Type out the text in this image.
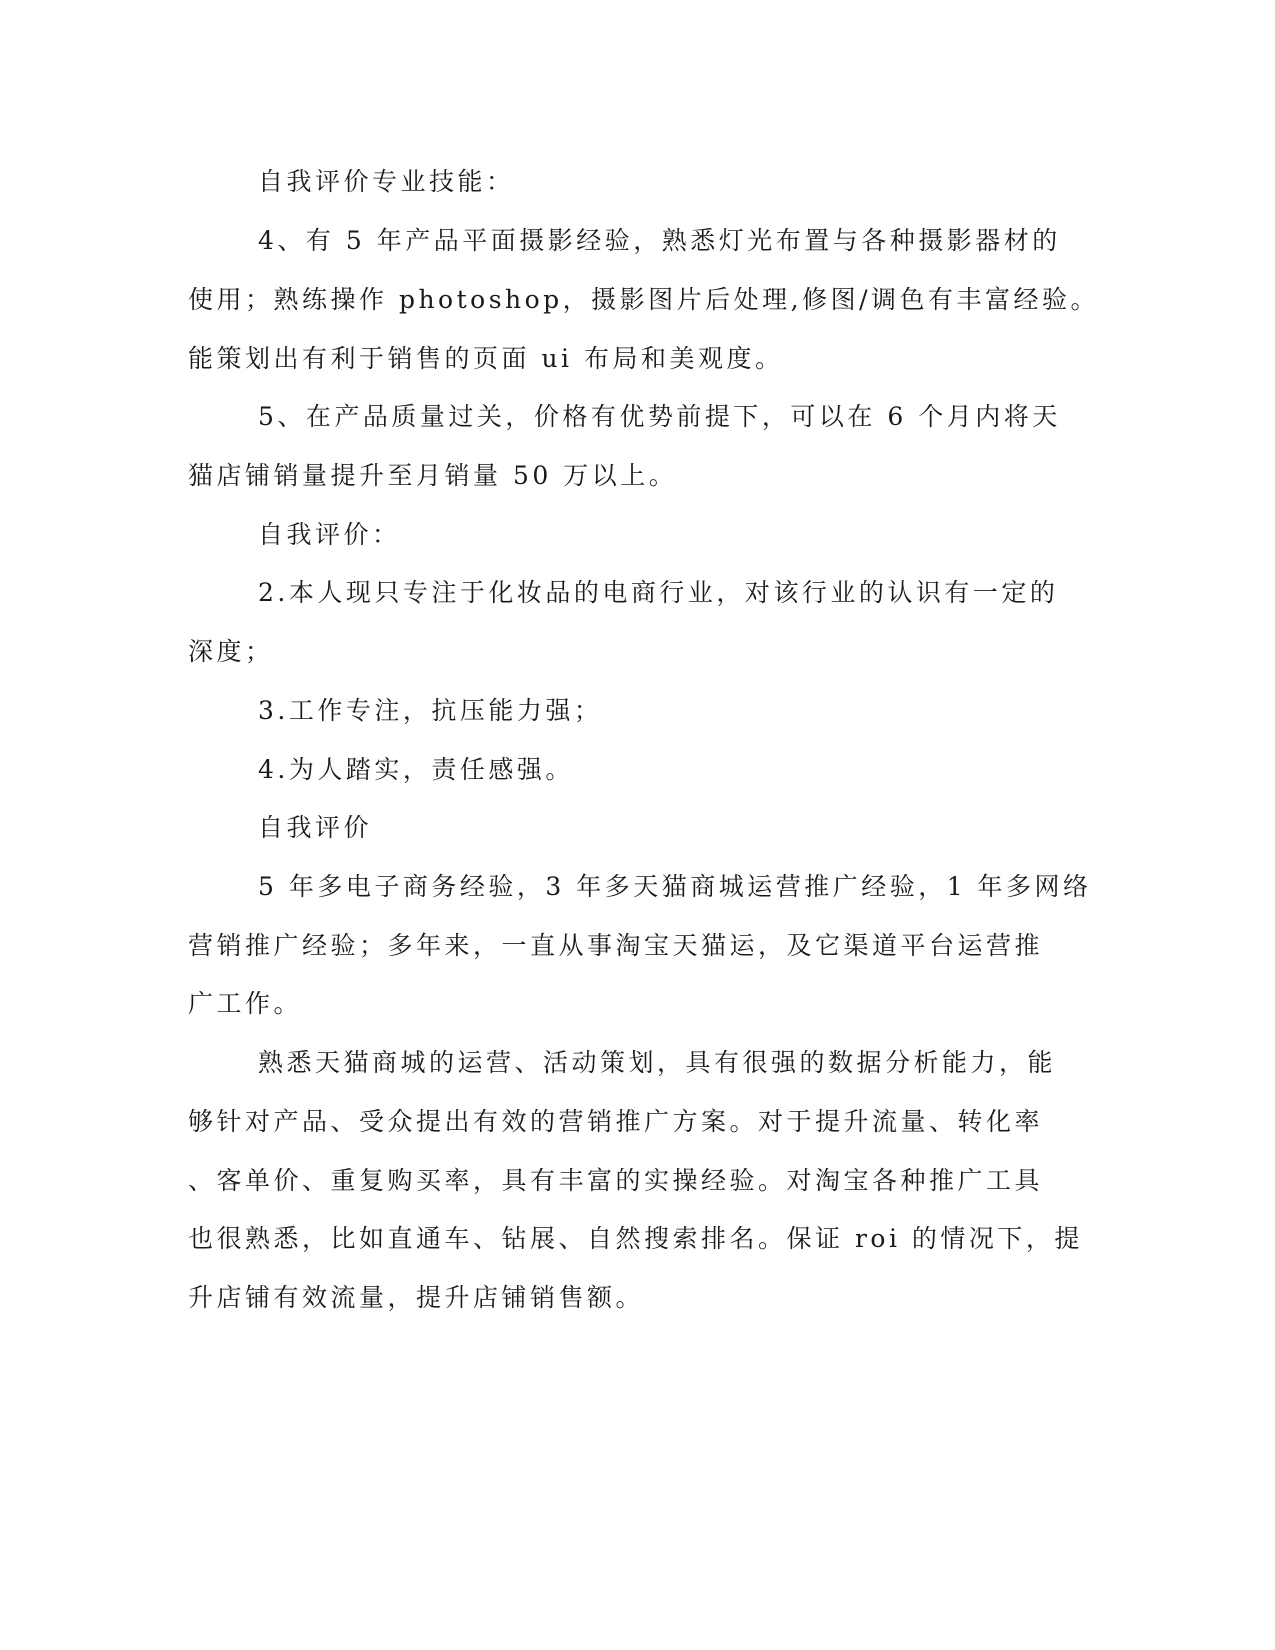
自我评价专业技能：
4、有 5 年产品平面摄影经验，熟悉灯光布置与各种摄影器材的
使用；熟练操作 photoshop，摄影图片后处理,修图/调色有丰富经验。
能策划出有利于销售的页面 ui 布局和美观度。
5、在产品质量过关，价格有优势前提下，可以在 6 个月内将天
猫店铺销量提升至月销量 50 万以上。
自我评价：
2.本人现只专注于化妆品的电商行业，对该行业的认识有一定的
深度；
3.工作专注，抗压能力强；
4.为人踏实，责任感强。
自我评价
5 年多电子商务经验，3 年多天猫商城运营推广经验，1 年多网络
营销推广经验；多年来，一直从事淘宝天猫运，及它渠道平台运营推
广工作。
熟悉天猫商城的运营、活动策划，具有很强的数据分析能力，能
够针对产品、受众提出有效的营销推广方案。对于提升流量、转化率
、客单价、重复购买率，具有丰富的实操经验。对淘宝各种推广工具
也很熟悉，比如直通车、钻展、自然搜索排名。保证 roi 的情况下，提
升店铺有效流量，提升店铺销售额。
